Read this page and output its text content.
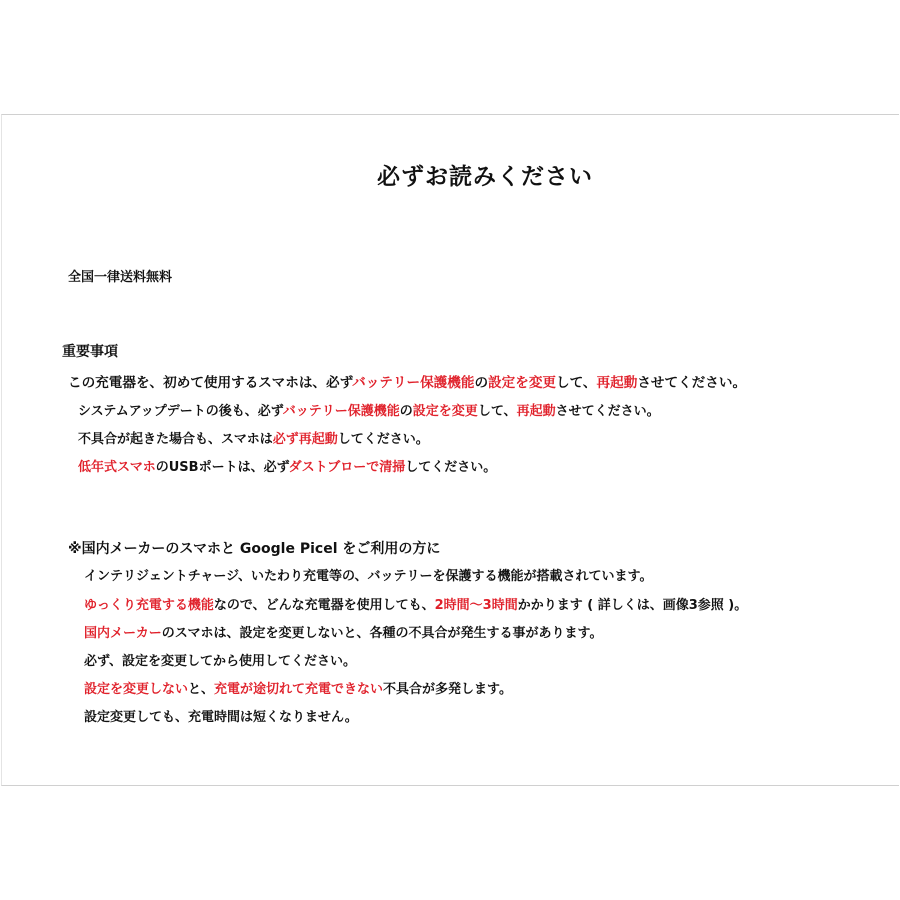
必ずお読みください
全国一律送料無料
重要事項
この充電器を、初めて使用するスマホは、必ずバッテリー保護機能の設定を変更して、再起動させてください。
システムアップデートの後も、必ずバッテリー保護機能の設定を変更して、再起動させてください。
不具合が起きた場合も、スマホは必ず再起動してください。
低年式スマホのUSBポートは、必ずダストブローで清掃してください。
※国内メーカーのスマホと Google Picel をご利用の方に
インテリジェントチャージ、いたわり充電等の、バッテリーを保護する機能が搭載されています。
ゆっくり充電する機能なので、どんな充電器を使用しても、2時間～3時間かかります ( 詳しくは、画像3参照 )。
国内メーカーのスマホは、設定を変更しないと、各種の不具合が発生する事があります。
必ず、設定を変更してから使用してください。
設定を変更しないと、充電が途切れて充電できない不具合が多発します。
設定変更しても、充電時間は短くなりません。
